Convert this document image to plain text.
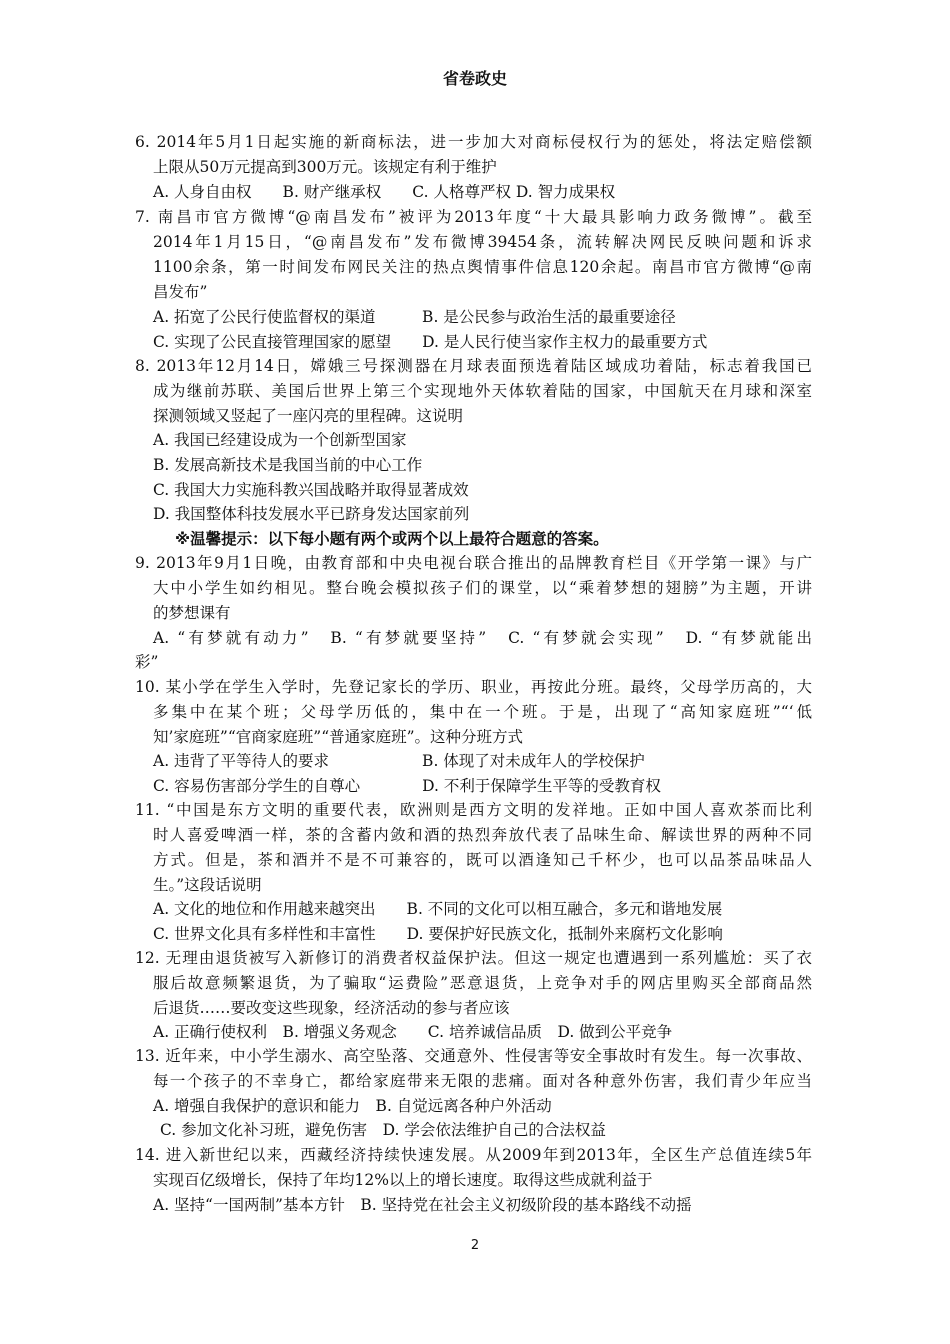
省卷政史
6. 2014年5月1日起实施的新商标法，进一步加大对商标侵权行为的惩处，将法定赔偿额
上限从50万元提高到300万元。该规定有利于维护
A. 人身自由权　　B. 财产继承权　　C. 人格尊严权 D. 智力成果权
7. 南昌市官方微博“@南昌发布”被评为2013年度“十大最具影响力政务微博”。截至
2014年1月15日，“@南昌发布”发布微博39454条，流转解决网民反映问题和诉求
1100余条，第一时间发布网民关注的热点舆情事件信息120余起。南昌市官方微博“@南
昌发布”
A. 拓宽了公民行使监督权的渠道　　　B. 是公民参与政治生活的最重要途径
C. 实现了公民直接管理国家的愿望　　D. 是人民行使当家作主权力的最重要方式
8. 2013年12月14日，嫦娥三号探测器在月球表面预选着陆区域成功着陆，标志着我国已
成为继前苏联、美国后世界上第三个实现地外天体软着陆的国家，中国航天在月球和深室
探测领域又竖起了一座闪亮的里程碑。这说明
A. 我国已经建设成为一个创新型国家
B. 发展高新技术是我国当前的中心工作
C. 我国大力实施科教兴国战略并取得显著成效
D. 我国整体科技发展水平已跻身发达国家前列
※温馨提示：以下每小题有两个或两个以上最符合题意的答案。
9. 2013年9月1日晚，由教育部和中央电视台联合推出的品牌教育栏目《开学第一课》与广
大中小学生如约相见。整台晚会模拟孩子们的课堂，以“乘着梦想的翅膀”为主题，开讲
的梦想课有
A. “有梦就有动力”　B. “有梦就要坚持”　C. “有梦就会实现”　D. “有梦就能出
彩”
10. 某小学在学生入学时，先登记家长的学历、职业，再按此分班。最终，父母学历高的，大
多集中在某个班；父母学历低的，集中在一个班。于是，出现了“高知家庭班”“‘低
知’家庭班”“官商家庭班”“普通家庭班”。这种分班方式
A. 违背了平等待人的要求　　　　　　B. 体现了对未成年人的学校保护
C. 容易伤害部分学生的自尊心　　　　D. 不利于保障学生平等的受教育权
11. “中国是东方文明的重要代表，欧洲则是西方文明的发祥地。正如中国人喜欢茶而比利
时人喜爱啤酒一样，茶的含蓄内敛和酒的热烈奔放代表了品味生命、解读世界的两种不同
方式。但是，茶和酒并不是不可兼容的，既可以酒逢知己千杯少，也可以品茶品味品人
生。”这段话说明
A. 文化的地位和作用越来越突出　　B. 不同的文化可以相互融合，多元和谐地发展
C. 世界文化具有多样性和丰富性　　D. 要保护好民族文化，抵制外来腐朽文化影响
12. 无理由退货被写入新修订的消费者权益保护法。但这一规定也遭遇到一系列尴尬：买了衣
服后故意频繁退货，为了骗取“运费险”恶意退货，上竞争对手的网店里购买全部商品然
后退货……要改变这些现象，经济活动的参与者应该
A. 正确行使权利　B. 增强义务观念　　C. 培养诚信品质　D. 做到公平竞争
13. 近年来，中小学生溺水、高空坠落、交通意外、性侵害等安全事故时有发生。每一次事故、
每一个孩子的不幸身亡，都给家庭带来无限的悲痛。面对各种意外伤害，我们青少年应当
A. 增强自我保护的意识和能力　B. 自觉远离各种户外活动
C. 参加文化补习班，避免伤害　D. 学会依法维护自己的合法权益
14. 进入新世纪以来，西藏经济持续快速发展。从2009年到2013年，全区生产总值连续5年
实现百亿级增长，保持了年均12%以上的增长速度。取得这些成就利益于
A. 坚持“一国两制”基本方针　B. 坚持党在社会主义初级阶段的基本路线不动摇
2
